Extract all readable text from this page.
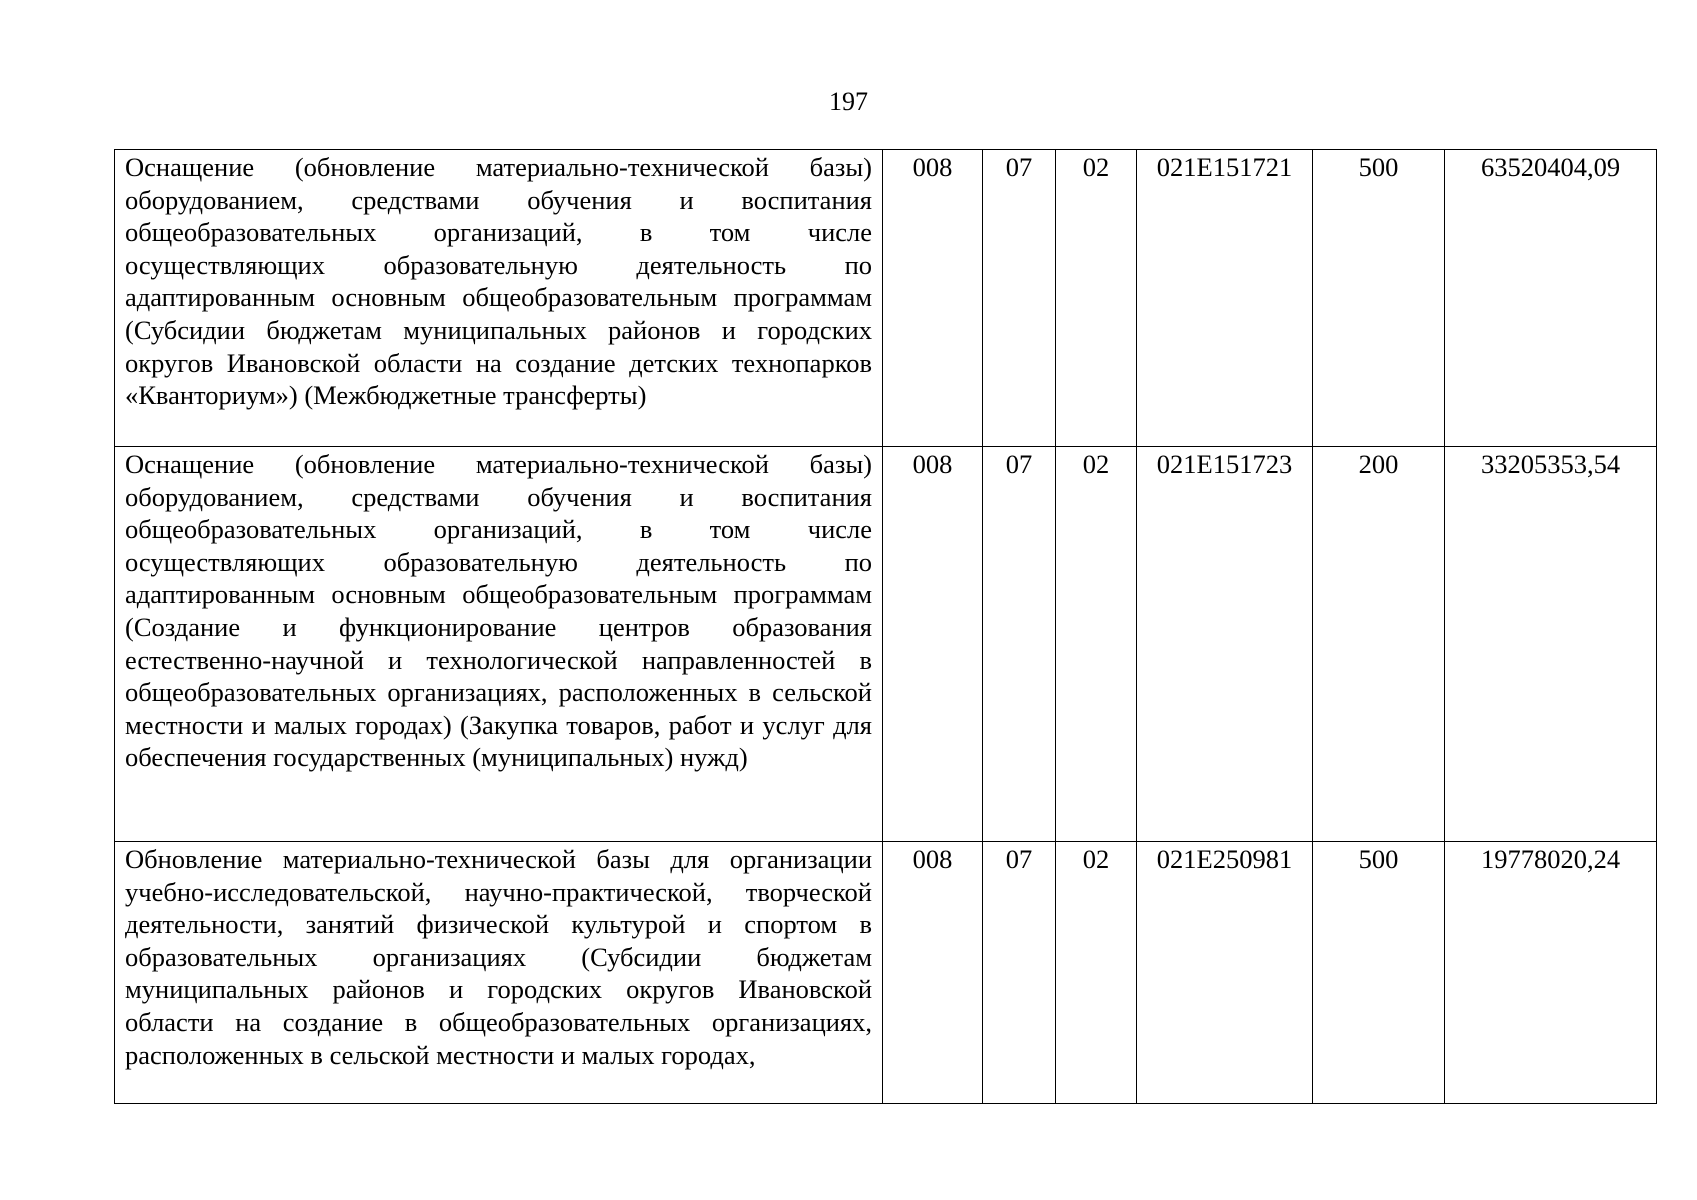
197
Оснащение (обновление материально-технической базы) оборудованием, средствами обучения и воспитания общеобразовательных организаций, в том числе осуществляющих образовательную деятельность по адаптированным основным общеобразовательным программам (Субсидии бюджетам муниципальных районов и городских округов Ивановской области на создание детских технопарков «Кванториум») (Межбюджетные трансферты)	008	07	02	021Е151721	500	63520404,09
Оснащение (обновление материально-технической базы) оборудованием, средствами обучения и воспитания общеобразовательных организаций, в том числе осуществляющих образовательную деятельность по адаптированным основным общеобразовательным программам (Создание и функционирование центров образования естественно-научной и технологической направленностей в общеобразовательных организациях, расположенных в сельской местности и малых городах) (Закупка товаров, работ и услуг для обеспечения государственных (муниципальных) нужд)	008	07	02	021Е151723	200	33205353,54
Обновление материально-технической базы для организации учебно-исследовательской, научно-практической, творческой деятельности, занятий физической культурой и спортом в образовательных организациях (Субсидии бюджетам муниципальных районов и городских округов Ивановской области на создание в общеобразовательных организациях, расположенных в сельской местности и малых городах,	008	07	02	021Е250981	500	19778020,24
